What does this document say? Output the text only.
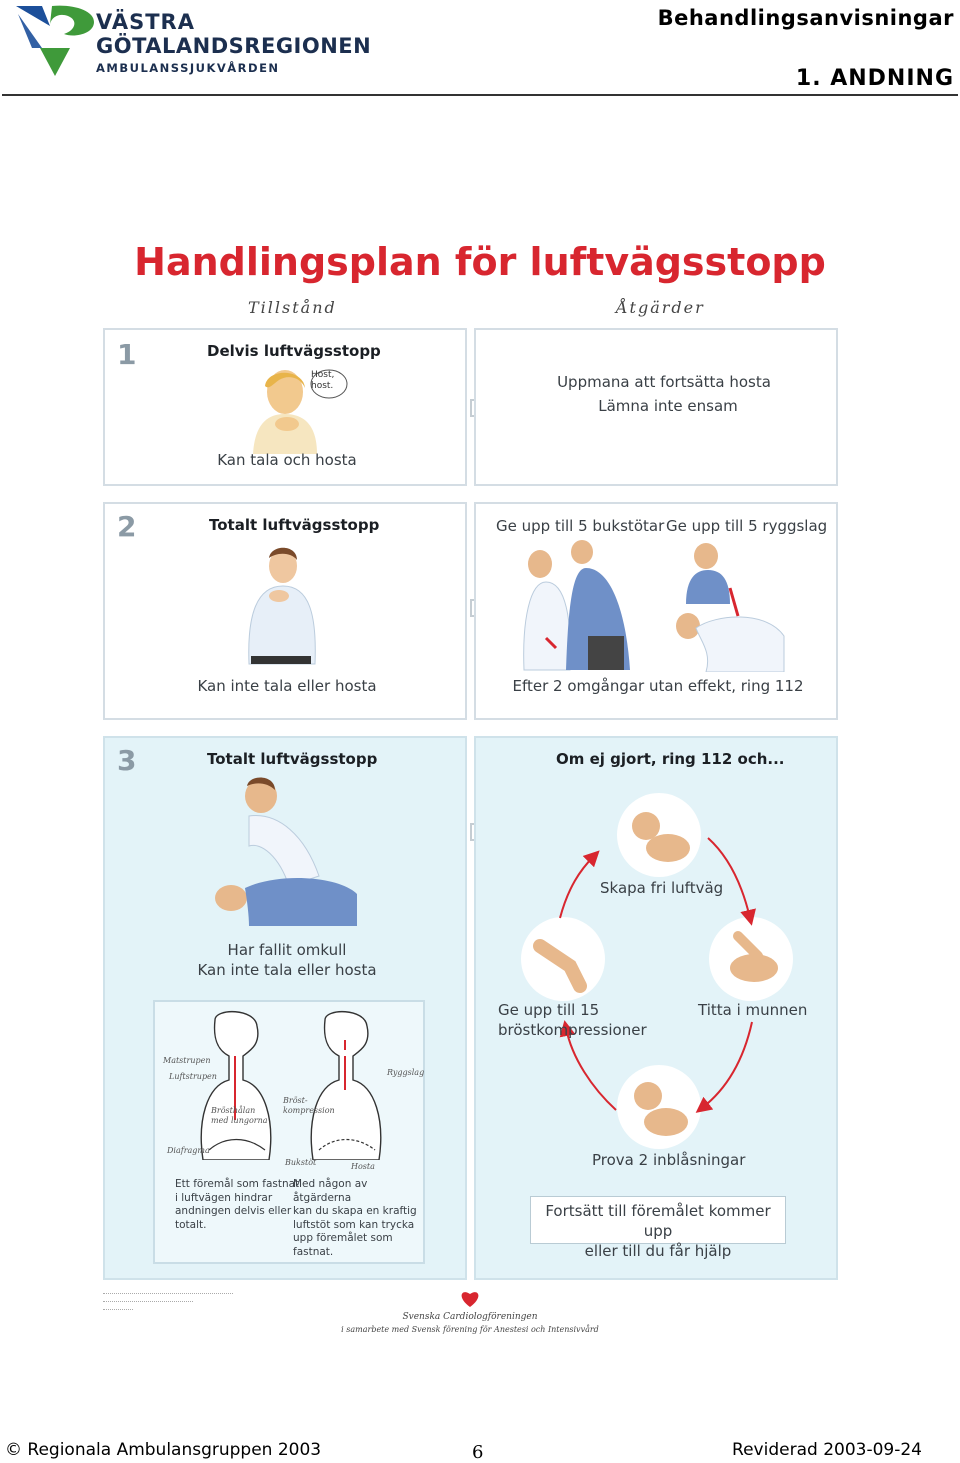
VÄSTRA
GÖTALANDSREGIONEN
AMBULANSSJUKVÅRDEN
Behandlingsanvisningar
1. ANDNING
Handlingsplan för luftvägsstopp
Tillstånd	Åtgärder
1	Delvis luftvägsstopp
Host,
host.
Kan tala och hosta
Uppmana att fortsätta hosta
Lämna inte ensam
2	Totalt luftvägsstopp
Kan inte tala eller hosta
Ge upp till 5 bukstötar Ge upp till 5 ryggslag
Efter 2 omgångar utan effekt, ring 112
3	Totalt luftvägsstopp
Har fallit omkull
Kan inte tala eller hosta
Matstrupen
Luftstrupen
Brösthålan
med lungorna
Diafragma
Bröst-
kompression
Ryggslag
Bukstöt	Hosta
Ett föremål som fastnat
i luftvägen hindrar
andningen delvis eller
totalt.
Med någon av åtgärderna
kan du skapa en kraftig
luftstöt som kan trycka
upp föremålet som fastnat.
Om ej gjort, ring 112 och...
Skapa fri luftväg
Ge upp till 15
bröstkompressioner
Titta i munnen
Prova 2 inblåsningar
Fortsätt till föremålet kommer upp
eller till du får hjälp
Svenska Cardiologföreningen
i samarbete med Svensk förening för Anestesi och Intensivvård
© Regionala Ambulansgruppen 2003	6	Reviderad 2003-09-24
